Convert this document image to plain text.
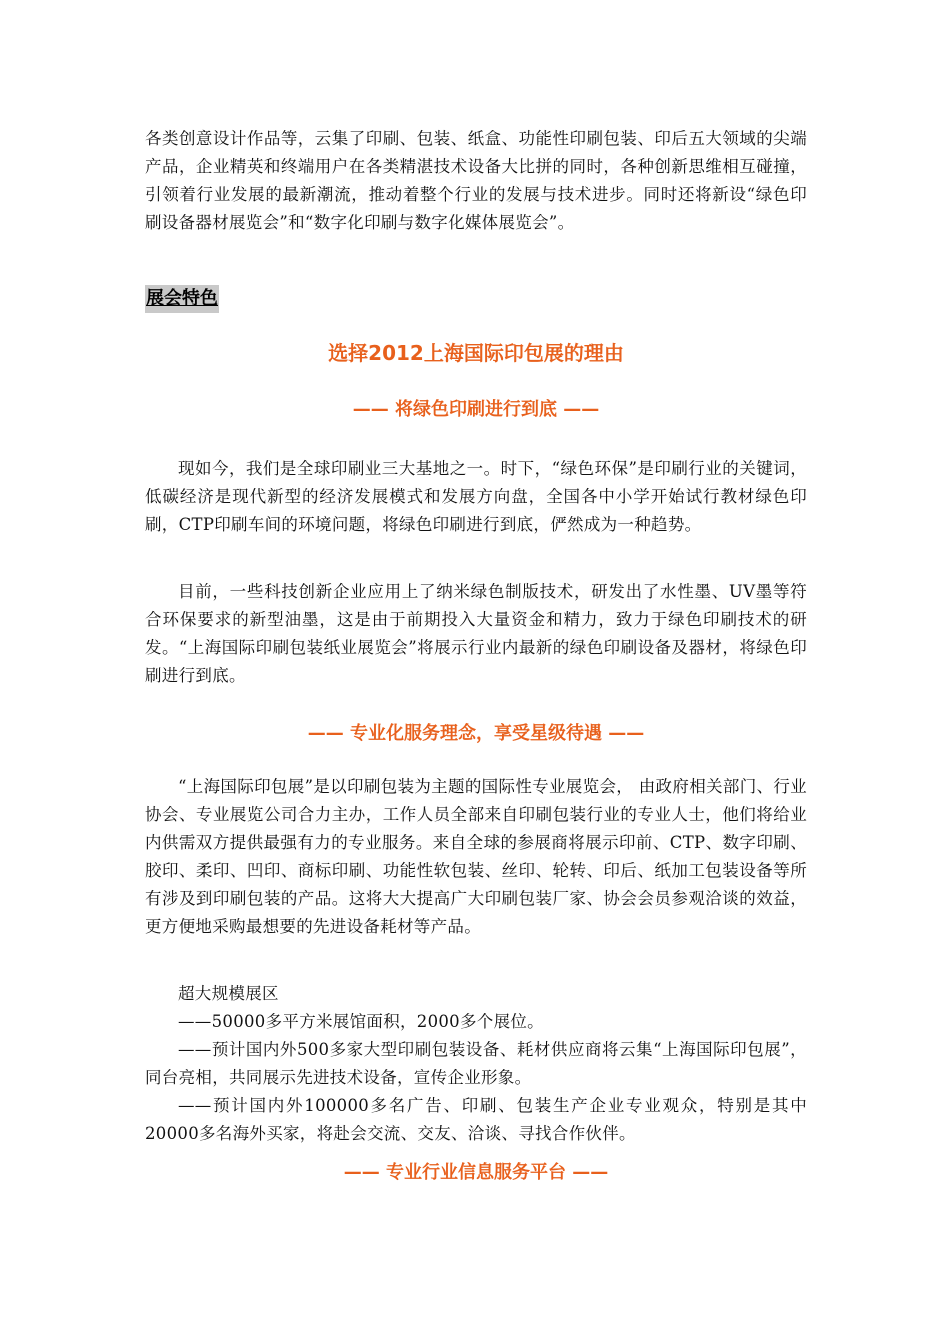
各类创意设计作品等，云集了印刷、包装、纸盒、功能性印刷包装、印后五大领域的尖端产品，企业精英和终端用户在各类精湛技术设备大比拼的同时，各种创新思维相互碰撞，引领着行业发展的最新潮流，推动着整个行业的发展与技术进步。同时还将新设“绿色印刷设备器材展览会”和“数字化印刷与数字化媒体展览会”。
展会特色
选择2012上海国际印包展的理由
—— 将绿色印刷进行到底 ——
现如今，我们是全球印刷业三大基地之一。时下，“绿色环保”是印刷行业的关键词，低碳经济是现代新型的经济发展模式和发展方向盘，全国各中小学开始试行教材绿色印刷，CTP印刷车间的环境问题，将绿色印刷进行到底，俨然成为一种趋势。
目前，一些科技创新企业应用上了纳米绿色制版技术，研发出了水性墨、UV墨等符合环保要求的新型油墨，这是由于前期投入大量资金和精力，致力于绿色印刷技术的研发。“上海国际印刷包装纸业展览会”将展示行业内最新的绿色印刷设备及器材，将绿色印刷进行到底。
—— 专业化服务理念，享受星级待遇 ——
“上海国际印包展”是以印刷包装为主题的国际性专业展览会， 由政府相关部门、行业协会、专业展览公司合力主办，工作人员全部来自印刷包装行业的专业人士，他们将给业内供需双方提供最强有力的专业服务。来自全球的参展商将展示印前、CTP、数字印刷、胶印、柔印、凹印、商标印刷、功能性软包装、丝印、轮转、印后、纸加工包装设备等所有涉及到印刷包装的产品。这将大大提高广大印刷包装厂家、协会会员参观洽谈的效益，更方便地采购最想要的先进设备耗材等产品。
超大规模展区
——50000多平方米展馆面积，2000多个展位。
——预计国内外500多家大型印刷包装设备、耗材供应商将云集“上海国际印包展”，同台亮相，共同展示先进技术设备，宣传企业形象。
——预计国内外100000多名广告、印刷、包装生产企业专业观众，特别是其中20000多名海外买家，将赴会交流、交友、洽谈、寻找合作伙伴。
—— 专业行业信息服务平台 ——
